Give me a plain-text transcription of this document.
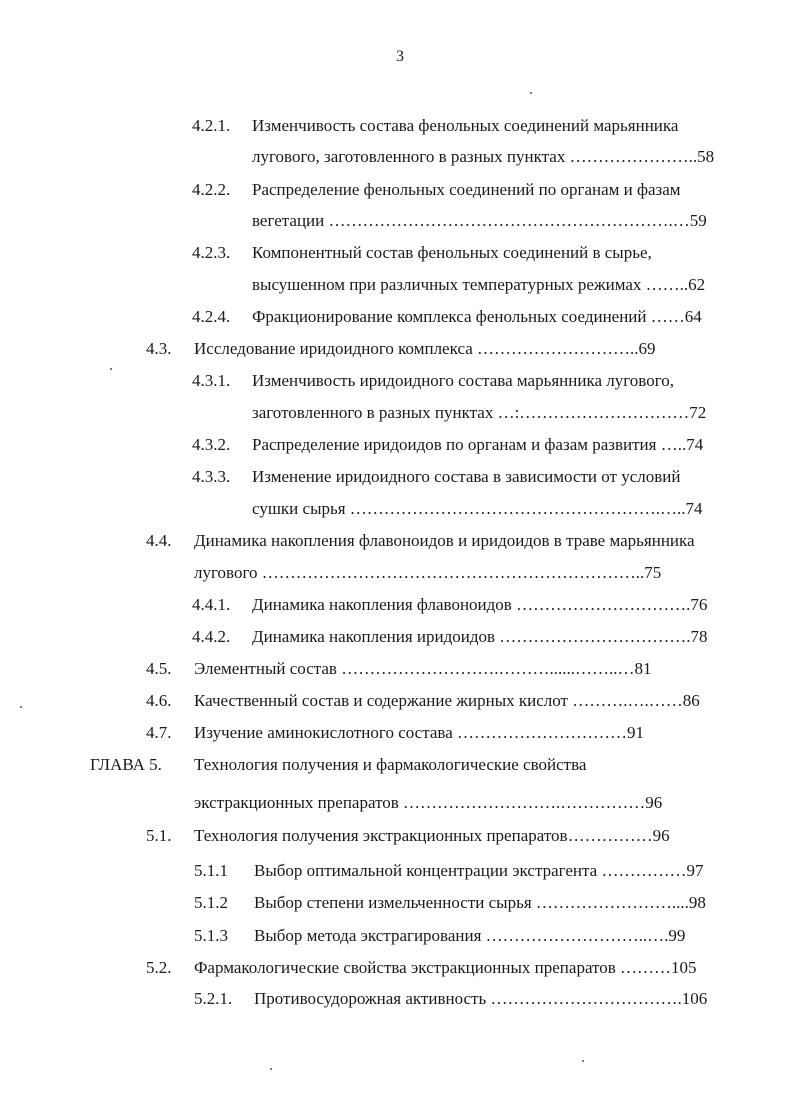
3
4.2.1. Изменчивость состава фенольных соединений марьянника
лугового, заготовленного в разных пунктах …………………..58
4.2.2. Распределение фенольных соединений по органам и фазам
вегетации …………………………………………………….…59
4.2.3. Компонентный состав фенольных соединений в сырье,
высушенном при различных температурных режимах ……..62
4.2.4. Фракционирование комплекса фенольных соединений ……64
4.3. Исследование иридоидного комплекса ………………………..69
4.3.1. Изменчивость иридоидного состава марьянника лугового,
заготовленного в разных пунктах …:…………………………72
4.3.2. Распределение иридоидов по органам и фазам развития …..74
4.3.3. Изменение иридоидного состава в зависимости от условий
сушки сырья ……………………………………………….…..74
4.4. Динамика накопления флавоноидов и иридоидов в траве марьянника
лугового …………………………………………………………..75
4.4.1. Динамика накопления флавоноидов ………………………….76
4.4.2. Динамика накопления иридоидов …………………………….78
4.5. Элементный состав ……………………….………......……..…81
4.6. Качественный состав и содержание жирных кислот ……….….……86
4.7. Изучение аминокислотного состава …………………………91
ГЛАВА 5. Технология получения и фармакологические свойства
экстракционных препаратов ……………………….……………96
5.1. Технология получения экстракционных препаратов……………96
5.1.1 Выбор оптимальной концентрации экстрагента ……………97
5.1.2 Выбор степени измельченности сырья ……………………....98
5.1.3 Выбор метода экстрагирования ………………………..….99
5.2. Фармакологические свойства экстракционных препаратов ………105
5.2.1. Противосудорожная активность …………………………….106
